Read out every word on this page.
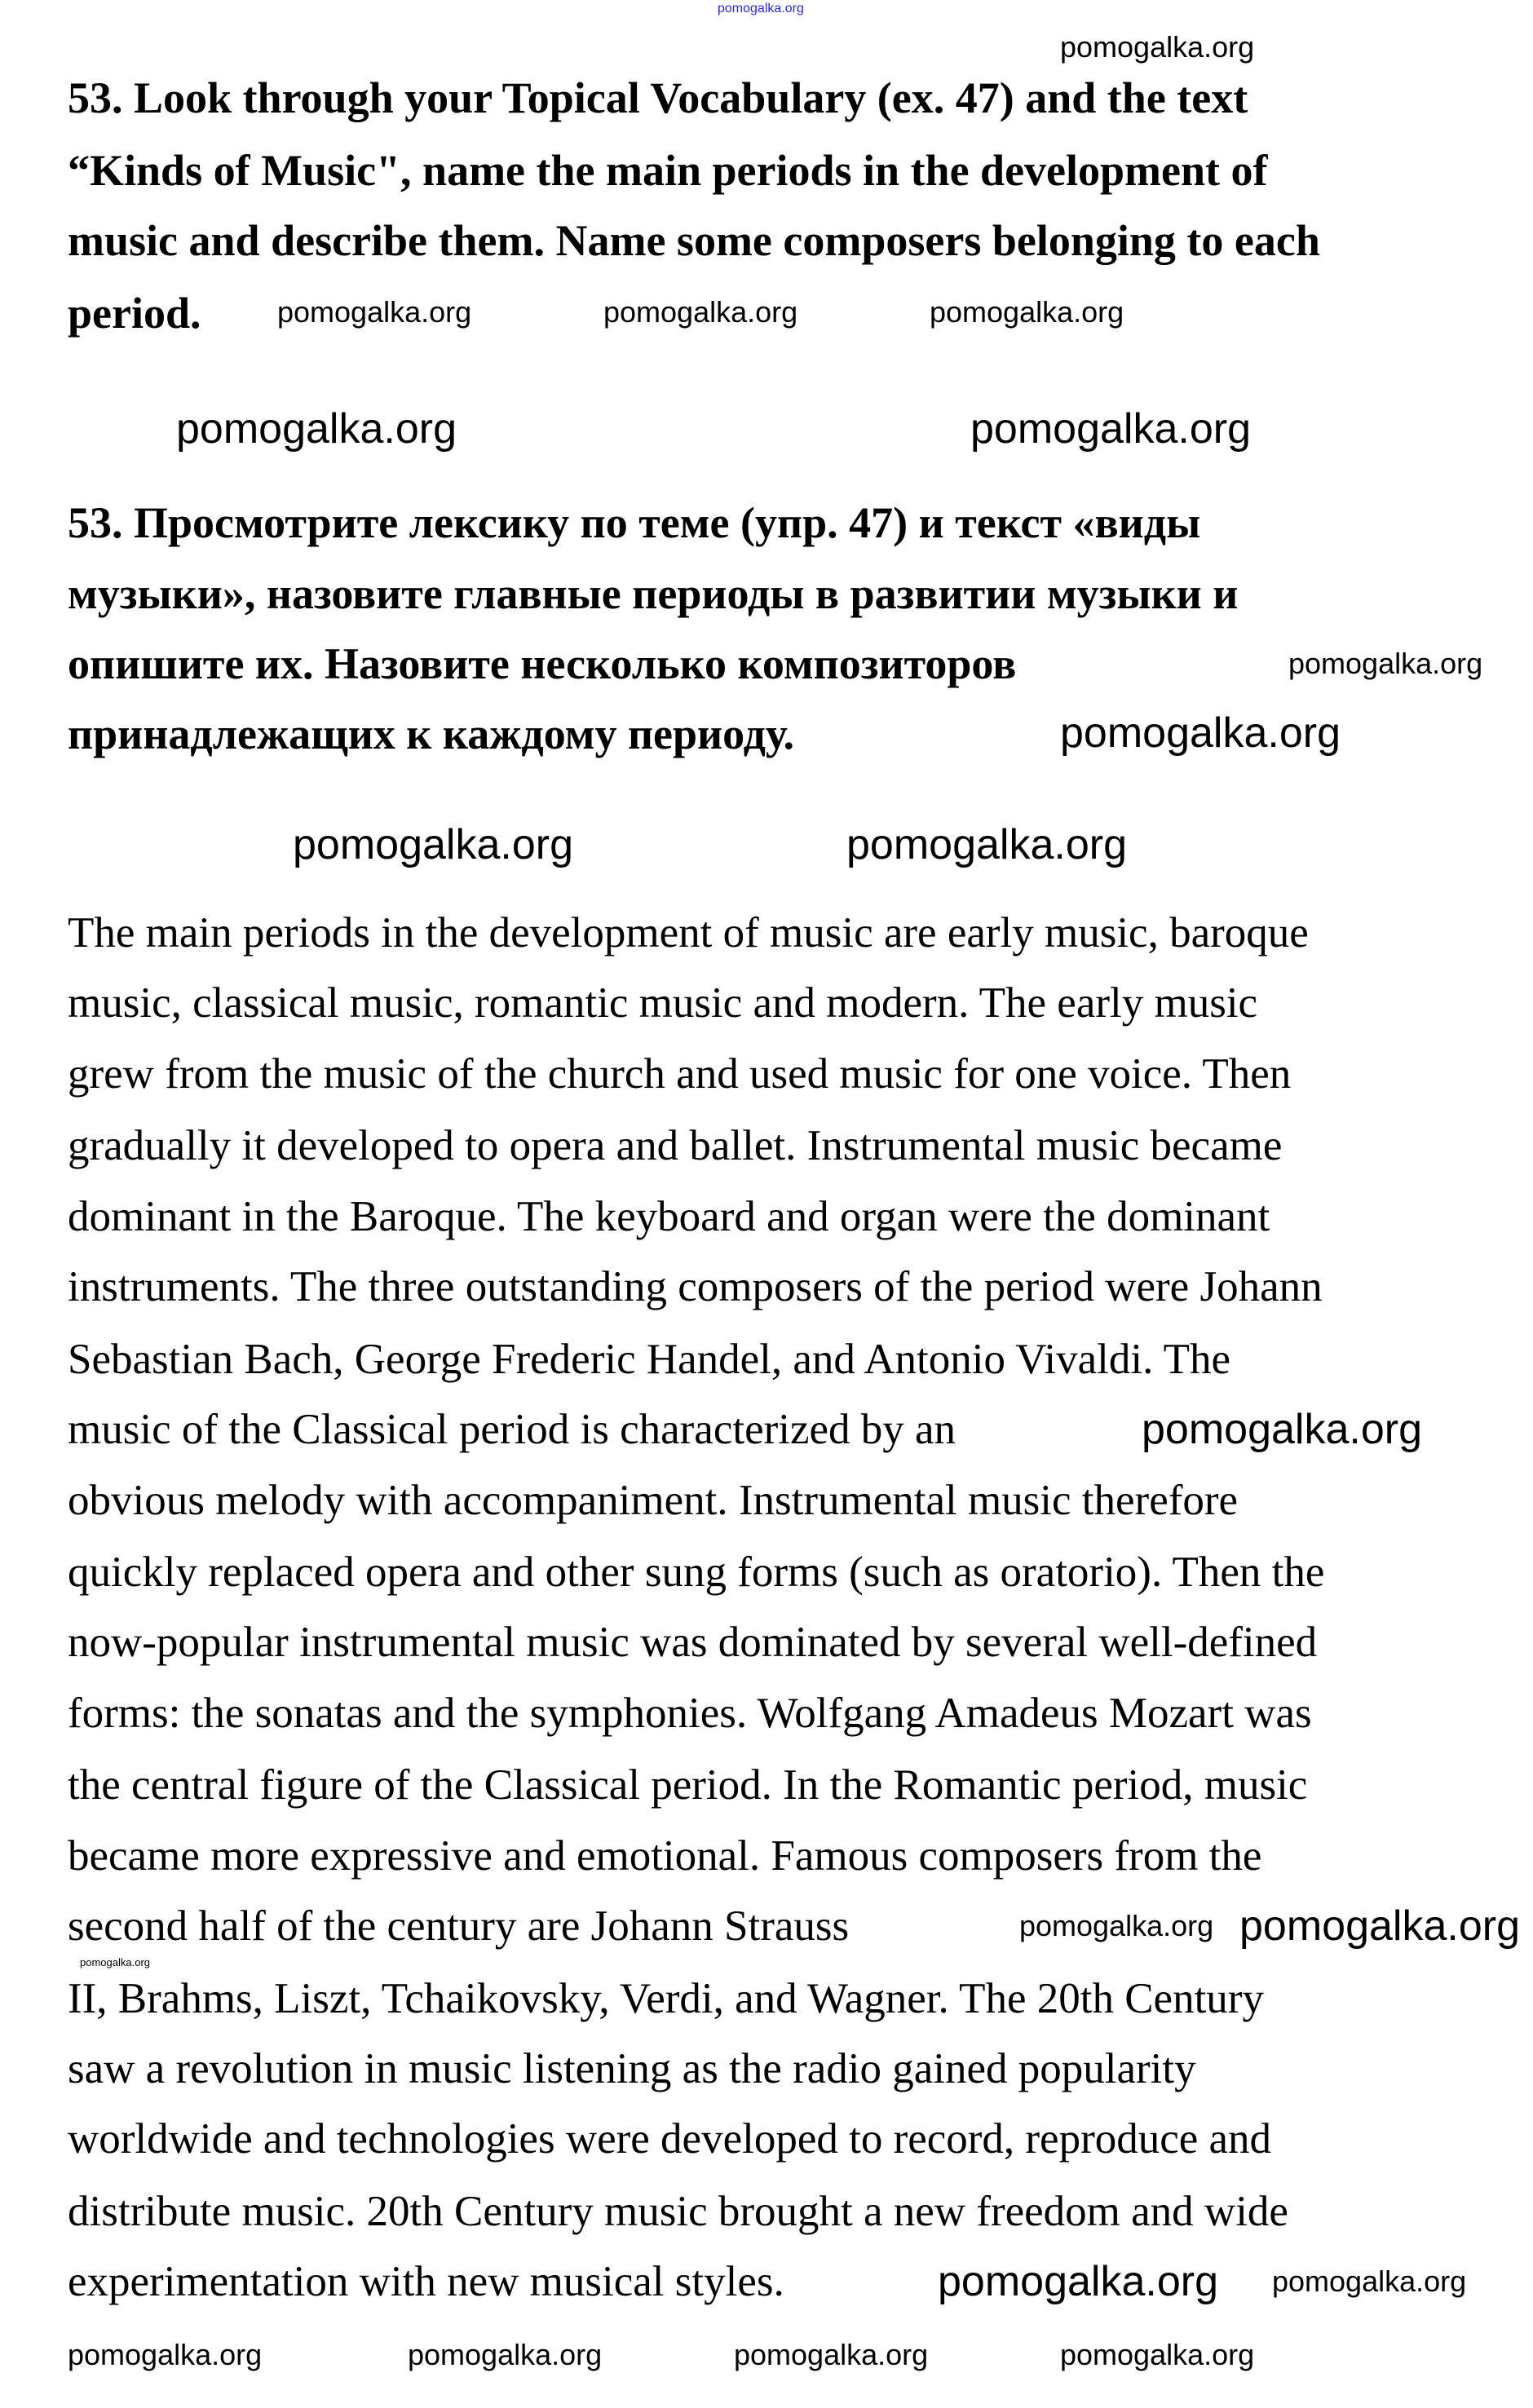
pomogalka.org
53. Look through your Topical Vocabulary (ex. 47) and the text
“Kinds of Music", name the main periods in the development of
music and describe them. Name some composers belonging to each
period.
53. Просмотрите лексику по теме (упр. 47) и текст «виды
музыки», назовите главные периоды в развитии музыки и
опишите их. Назовите несколько композиторов
принадлежащих к каждому периоду.
The main periods in the development of music are early music, baroque
music, classical music, romantic music and modern. The early music
grew from the music of the church and used music for one voice. Then
gradually it developed to opera and ballet. Instrumental music became
dominant in the Baroque. The keyboard and organ were the dominant
instruments. The three outstanding composers of the period were Johann
Sebastian Bach, George Frederic Handel, and Antonio Vivaldi. The
music of the Classical period is characterized by an
obvious melody with accompaniment. Instrumental music therefore
quickly replaced opera and other sung forms (such as oratorio). Then the
now-popular instrumental music was dominated by several well-defined
forms: the sonatas and the symphonies. Wolfgang Amadeus Mozart was
the central figure of the Classical period. In the Romantic period, music
became more expressive and emotional. Famous composers from the
second half of the century are Johann Strauss
II, Brahms, Liszt, Tchaikovsky, Verdi, and Wagner. The 20th Century
saw a revolution in music listening as the radio gained popularity
worldwide and technologies were developed to record, reproduce and
distribute music. 20th Century music brought a new freedom and wide
experimentation with new musical styles.
pomogalka.org
pomogalka.org	pomogalka.org	pomogalka.org
pomogalka.org	pomogalka.org
pomogalka.org
pomogalka.org
pomogalka.org	pomogalka.org
pomogalka.org
pomogalka.org pomogalka.org
pomogalka.org
pomogalka.org pomogalka.org
pomogalka.org	pomogalka.org	pomogalka.org	pomogalka.org
